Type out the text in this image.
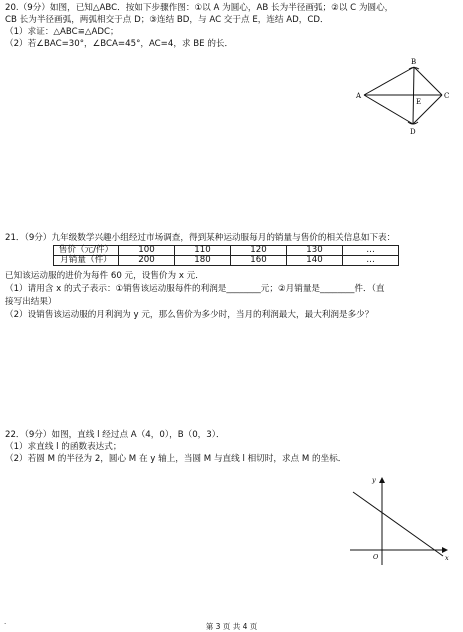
20.（9分）如图，已知△ABC．按如下步骤作图：①以 A 为圆心，AB 长为半径画弧；②以 C 为圆心，
CB 长为半径画弧，两弧相交于点 D；③连结 BD，与 AC 交于点 E，连结 AD，CD．
（1）求证：△ABC≌△ADC；
（2）若∠BAC=30°，∠BCA=45°，AC=4，求 BE 的长．
A
B
C
D
E
21．（9分）九年级数学兴趣小组经过市场调查，得到某种运动服每月的销量与售价的相关信息如下表：
售价（元/件）	100	110	120	130	…
月销量（件）	200	180	160	140	…
已知该运动服的进价为每件 60 元，设售价为 x 元．
（1）请用含 x 的式子表示：①销售该运动服每件的利润是________元；②月销量是________件．（直
接写出结果）
（2）设销售该运动服的月利润为 y 元，那么售价为多少时，当月的利润最大，最大利润是多少？
22．（9分）如图，直线 l 经过点 A（4，0），B（0，3）．
（1）求直线 l 的函数表达式；
（2）若圆 M 的半径为 2，圆心 M 在 y 轴上，当圆 M 与直线 l 相切时，求点 M 的坐标．
y
x
O
.	第 3 页 共 4 页
